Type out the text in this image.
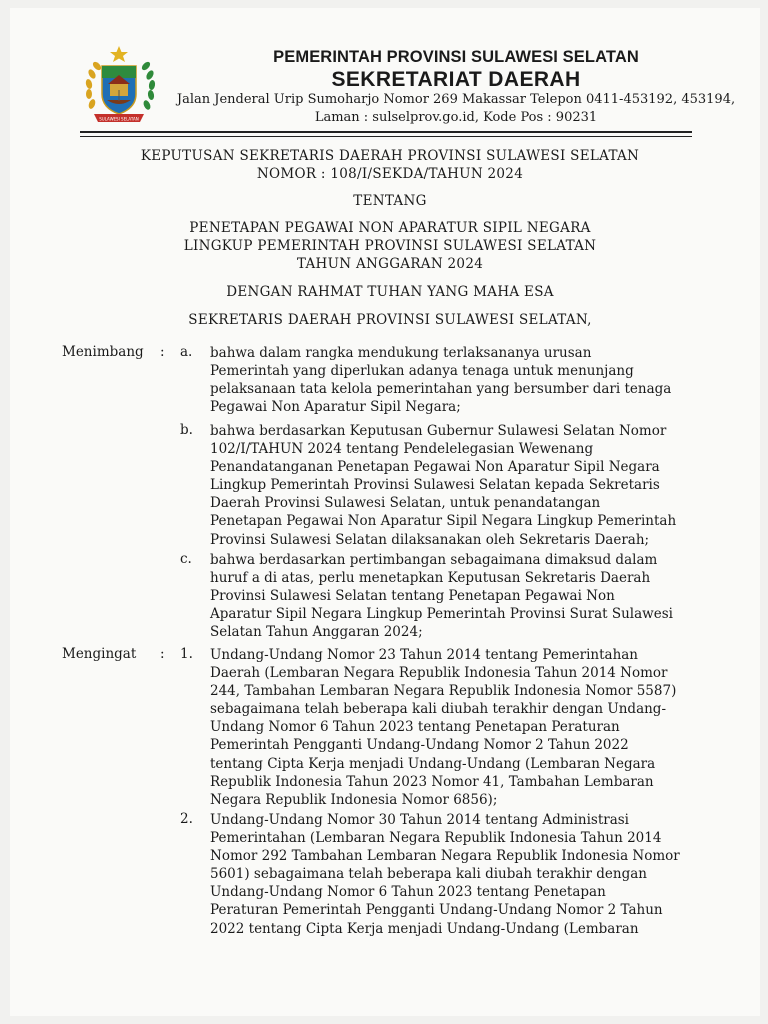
SULAWESI SELATAN
PEMERINTAH PROVINSI SULAWESI SELATAN
SEKRETARIAT DAERAH
Jalan Jenderal Urip Sumoharjo Nomor 269 Makassar Telepon 0411-453192, 453194,
Laman : sulselprov.go.id, Kode Pos : 90231
KEPUTUSAN SEKRETARIS DAERAH PROVINSI SULAWESI SELATAN
NOMOR : 108/I/SEKDA/TAHUN 2024
TENTANG
PENETAPAN PEGAWAI NON APARATUR SIPIL NEGARA
LINGKUP PEMERINTAH PROVINSI SULAWESI SELATAN
TAHUN ANGGARAN 2024
DENGAN RAHMAT TUHAN YANG MAHA ESA
SEKRETARIS DAERAH PROVINSI SULAWESI SELATAN,
Menimbang : a. bahwa dalam rangka mendukung terlaksananya urusan
Pemerintah yang diperlukan adanya tenaga untuk menunjang
pelaksanaan tata kelola pemerintahan yang bersumber dari tenaga
Pegawai Non Aparatur Sipil Negara;
b. bahwa berdasarkan Keputusan Gubernur Sulawesi Selatan Nomor
102/I/TAHUN 2024 tentang Pendelelegasian Wewenang
Penandatanganan Penetapan Pegawai Non Aparatur Sipil Negara
Lingkup Pemerintah Provinsi Sulawesi Selatan kepada Sekretaris
Daerah Provinsi Sulawesi Selatan, untuk penandatangan
Penetapan Pegawai Non Aparatur Sipil Negara Lingkup Pemerintah
Provinsi Sulawesi Selatan dilaksanakan oleh Sekretaris Daerah;
c. bahwa berdasarkan pertimbangan sebagaimana dimaksud dalam
huruf a di atas, perlu menetapkan Keputusan Sekretaris Daerah
Provinsi Sulawesi Selatan tentang Penetapan Pegawai Non
Aparatur Sipil Negara Lingkup Pemerintah Provinsi Surat Sulawesi
Selatan Tahun Anggaran 2024;
Mengingat : 1. Undang-Undang Nomor 23 Tahun 2014 tentang Pemerintahan
Daerah (Lembaran Negara Republik Indonesia Tahun 2014 Nomor
244, Tambahan Lembaran Negara Republik Indonesia Nomor 5587)
sebagaimana telah beberapa kali diubah terakhir dengan Undang-
Undang Nomor 6 Tahun 2023 tentang Penetapan Peraturan
Pemerintah Pengganti Undang-Undang Nomor 2 Tahun 2022
tentang Cipta Kerja menjadi Undang-Undang (Lembaran Negara
Republik Indonesia Tahun 2023 Nomor 41, Tambahan Lembaran
Negara Republik Indonesia Nomor 6856);
2. Undang-Undang Nomor 30 Tahun 2014 tentang Administrasi
Pemerintahan (Lembaran Negara Republik Indonesia Tahun 2014
Nomor 292 Tambahan Lembaran Negara Republik Indonesia Nomor
5601) sebagaimana telah beberapa kali diubah terakhir dengan
Undang-Undang Nomor 6 Tahun 2023 tentang Penetapan
Peraturan Pemerintah Pengganti Undang-Undang Nomor 2 Tahun
2022 tentang Cipta Kerja menjadi Undang-Undang (Lembaran
